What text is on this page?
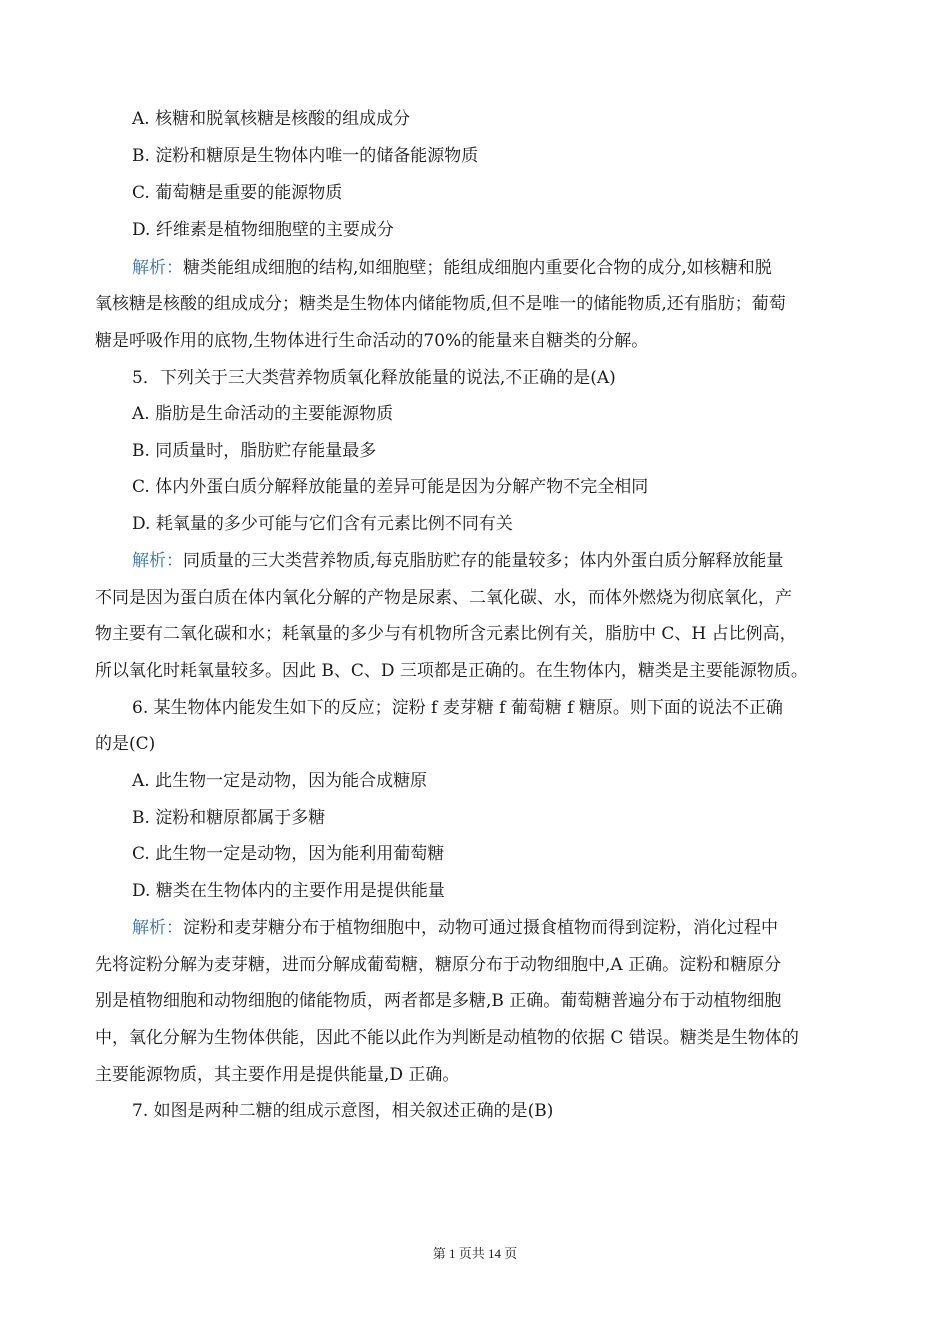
A. 核糖和脱氧核糖是核酸的组成成分
B. 淀粉和糖原是生物体内唯一的储备能源物质
C. 葡萄糖是重要的能源物质
D. 纤维素是植物细胞壁的主要成分
解析：糖类能组成细胞的结构,如细胞壁；能组成细胞内重要化合物的成分,如核糖和脱
氧核糖是核酸的组成成分；糖类是生物体内储能物质,但不是唯一的储能物质,还有脂肪；葡萄
糖是呼吸作用的底物,生物体进行生命活动的70%的能量来自糖类的分解。
5．下列关于三大类营养物质氧化释放能量的说法,不正确的是(A)
A. 脂肪是生命活动的主要能源物质
B. 同质量时，脂肪贮存能量最多
C. 体内外蛋白质分解释放能量的差异可能是因为分解产物不完全相同
D. 耗氧量的多少可能与它们含有元素比例不同有关
解析：同质量的三大类营养物质,每克脂肪贮存的能量较多；体内外蛋白质分解释放能量
不同是因为蛋白质在体内氧化分解的产物是尿素、二氧化碳、水，而体外燃烧为彻底氧化，产
物主要有二氧化碳和水；耗氧量的多少与有机物所含元素比例有关，脂肪中 C、H 占比例高，
所以氧化时耗氧量较多。因此 B、C、D 三项都是正确的。在生物体内，糖类是主要能源物质。
6. 某生物体内能发生如下的反应；淀粉 f 麦芽糖 f 葡萄糖 f 糖原。则下面的说法不正确
的是(C)
A. 此生物一定是动物，因为能合成糖原
B. 淀粉和糖原都属于多糖
C. 此生物一定是动物，因为能利用葡萄糖
D. 糖类在生物体内的主要作用是提供能量
解析：淀粉和麦芽糖分布于植物细胞中，动物可通过摄食植物而得到淀粉，消化过程中
先将淀粉分解为麦芽糖，进而分解成葡萄糖，糖原分布于动物细胞中,A 正确。淀粉和糖原分
别是植物细胞和动物细胞的储能物质，两者都是多糖,B 正确。葡萄糖普遍分布于动植物细胞
中，氧化分解为生物体供能，因此不能以此作为判断是动植物的依据 C 错误。糖类是生物体的
主要能源物质，其主要作用是提供能量,D 正确。
7. 如图是两种二糖的组成示意图，相关叙述正确的是(B)
第 1 页共 14 页
